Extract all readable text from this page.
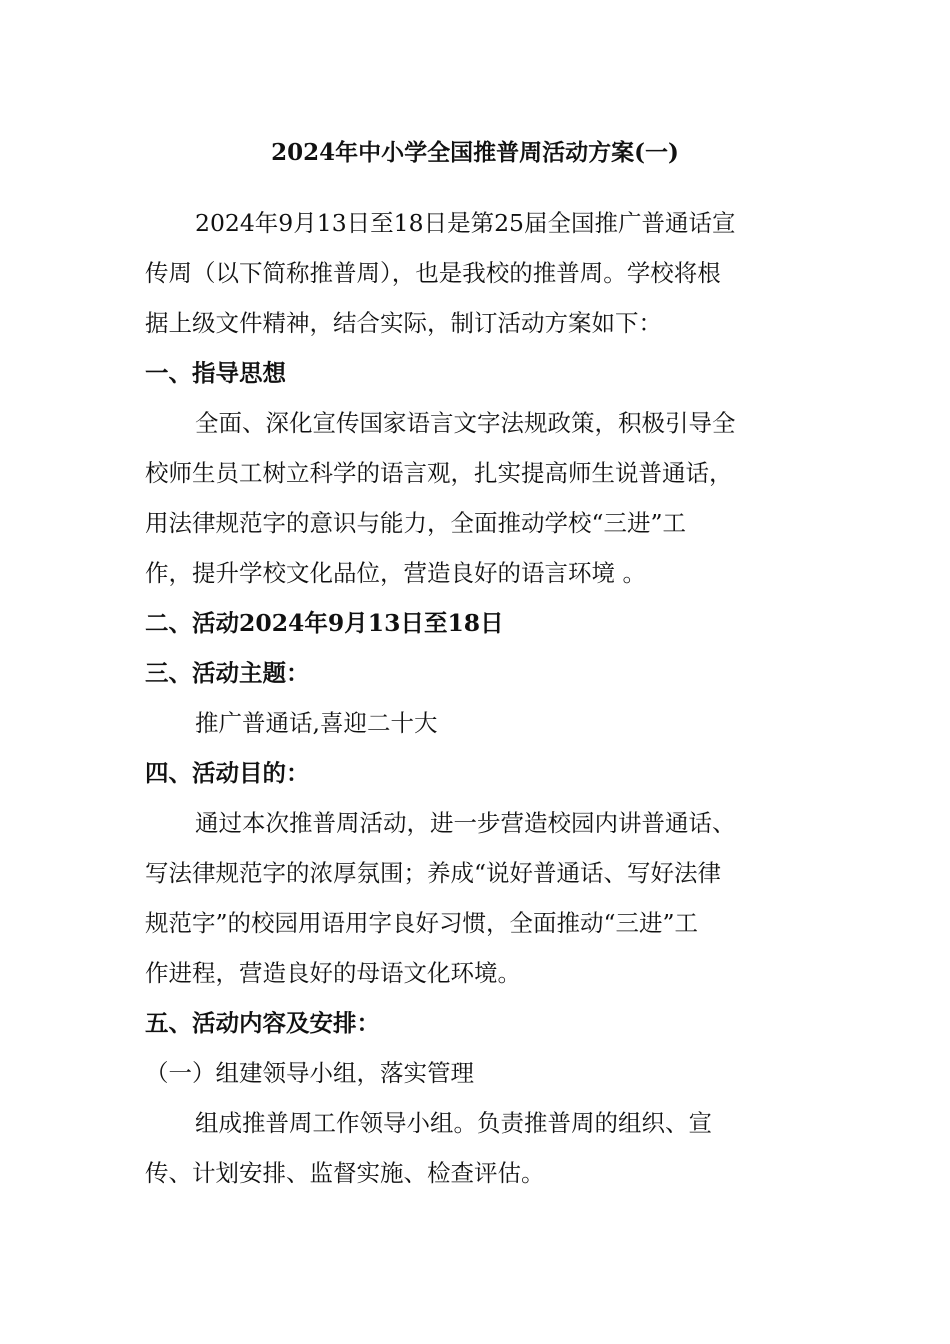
2024年中小学全国推普周活动方案(一)
2024年9月13日至18日是第25届全国推广普通话宣
传周（以下简称推普周），也是我校的推普周。学校将根
据上级文件精神，结合实际，制订活动方案如下：
一、指导思想
全面、深化宣传国家语言文字法规政策，积极引导全
校师生员工树立科学的语言观，扎实提高师生说普通话，
用法律规范字的意识与能力，全面推动学校“三进”工
作，提升学校文化品位，营造良好的语言环境 。
二、活动2024年9月13日至18日
三、活动主题：
推广普通话,喜迎二十大
四、活动目的：
通过本次推普周活动，进一步营造校园内讲普通话、
写法律规范字的浓厚氛围；养成“说好普通话、写好法律
规范字”的校园用语用字良好习惯，全面推动“三进”工
作进程，营造良好的母语文化环境。
五、活动内容及安排：
（一）组建领导小组，落实管理
组成推普周工作领导小组。负责推普周的组织、宣
传、计划安排、监督实施、检查评估。
